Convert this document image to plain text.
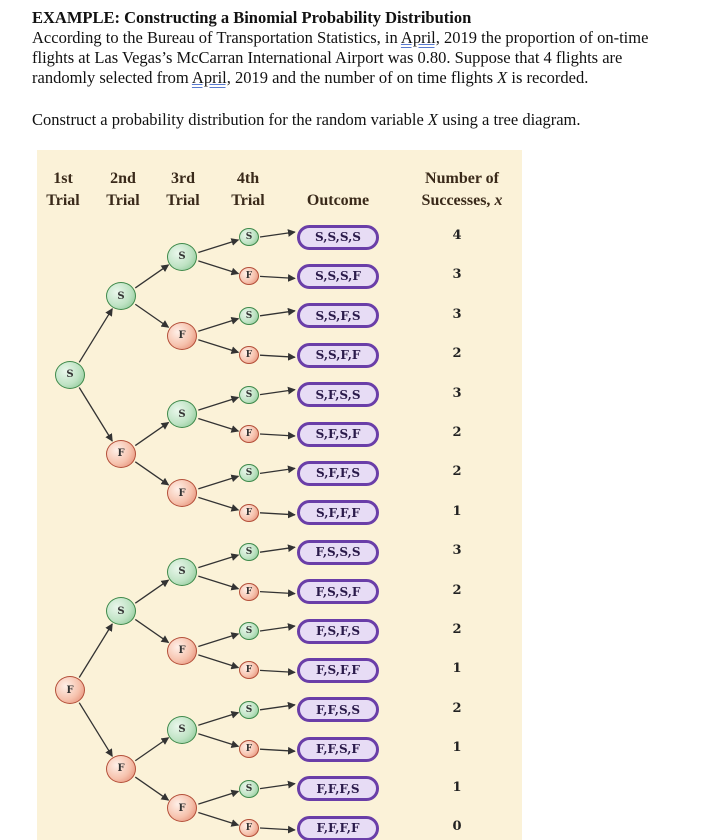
EXAMPLE: Constructing a Binomial Probability Distribution

According to the Bureau of Transportation Statistics, in April, 2019 the proportion of on-time

flights at Las Vegas’s McCarran International Airport was 0.80. Suppose that 4 flights are

randomly selected from April, 2019 and the number of on time flights X is recorded.

Construct a probability distribution for the random variable X using a tree diagram.
1st
Trial
2nd
Trial
3rd
Trial
4th
Trial	Outcome
Number of
Successes, x
S
S
S
S
F
F
S
F
F
S
S
F
F
S
F
F
S
S
S
F
F
S
F
F
S
S
F
F
S
F
S,S,S,S	4
S,S,S,F	3
S,S,F,S	3
S,S,F,F	2
S,F,S,S	3
S,F,S,F	2
S,F,F,S	2
S,F,F,F	1
F,S,S,S	3
F,S,S,F	2
F,S,F,S	2
F,S,F,F	1
F,F,S,S	2
F,F,S,F	1
F,F,F,S	1
F,F,F,F	0
